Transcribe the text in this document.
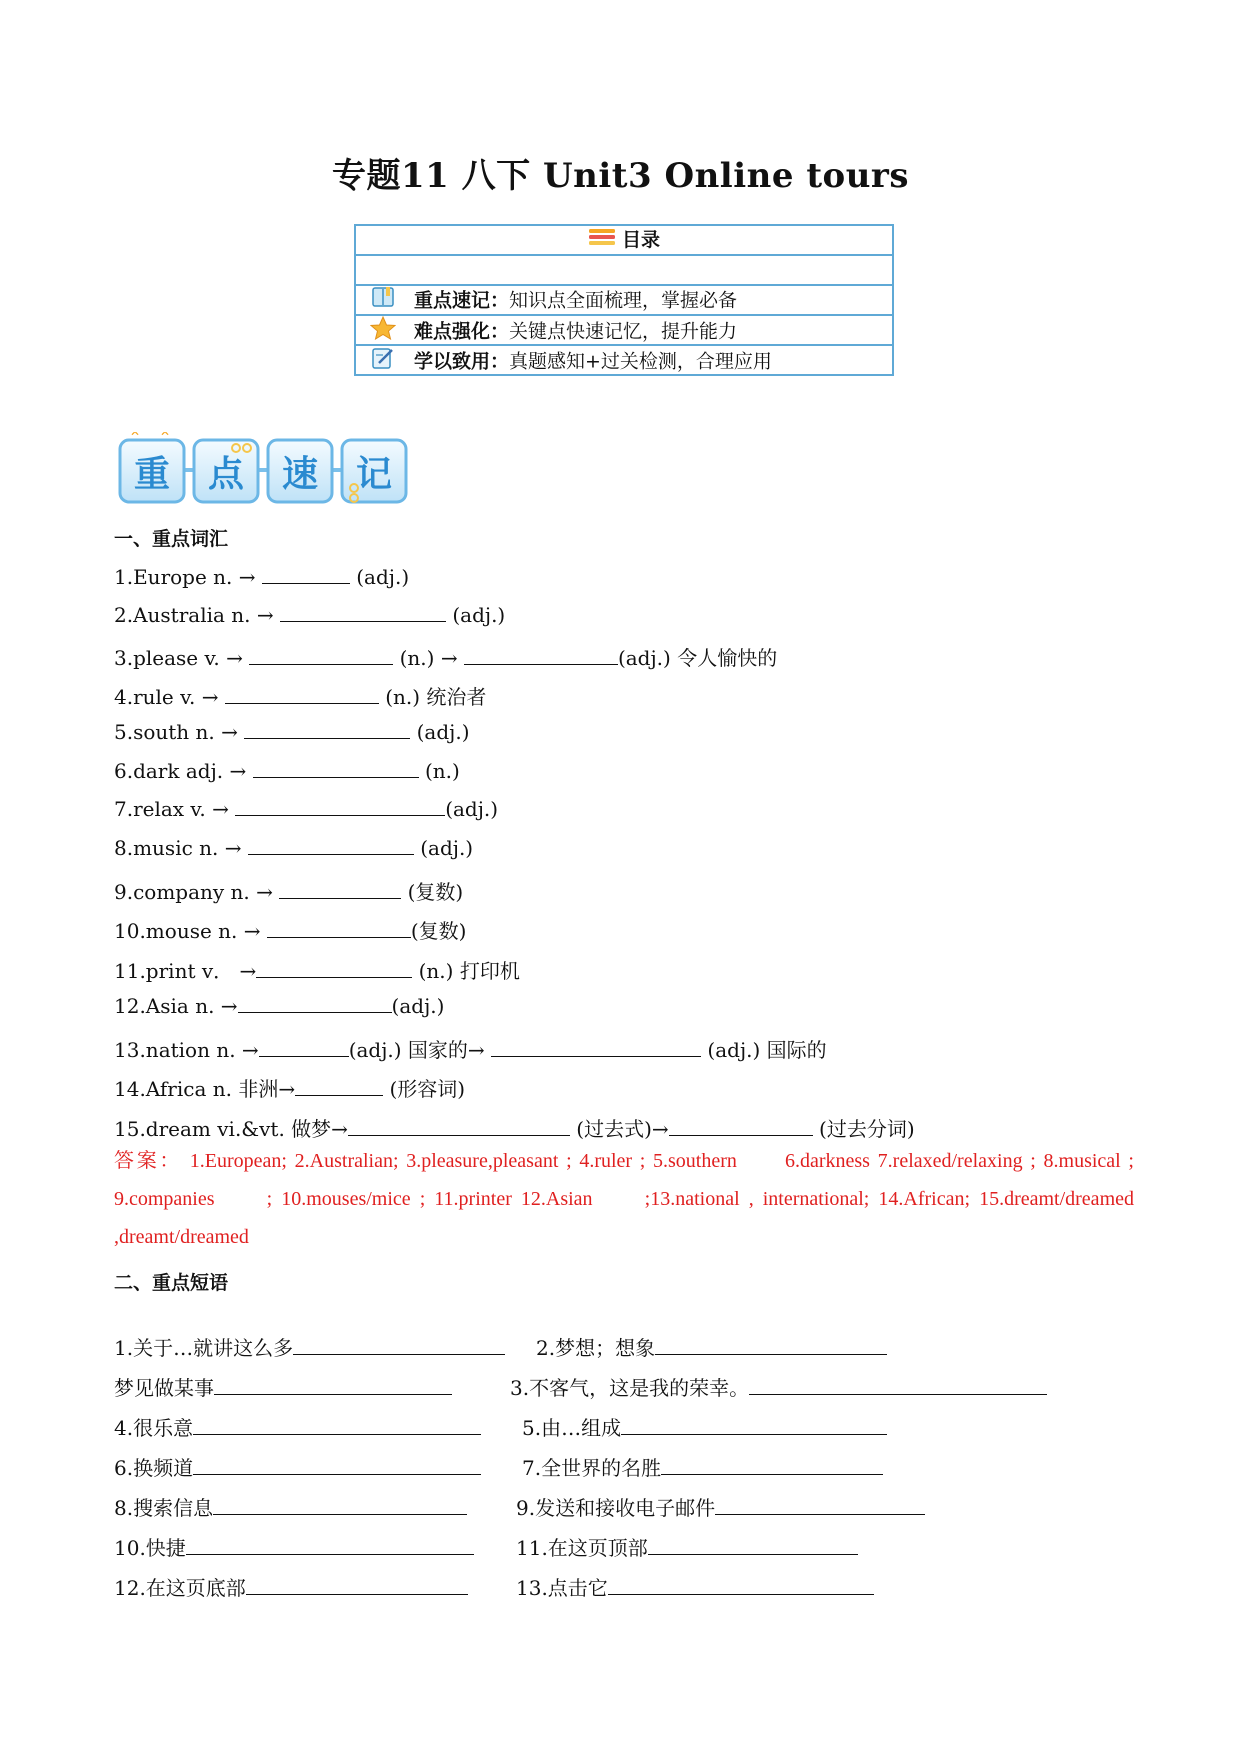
专题11 八下 Unit3 Online tours
目录
重点速记：知识点全面梳理，掌握必备
难点强化：关键点快速记忆，提升能力
学以致用：真题感知+过关检测，合理应用
✕ ✕
重 点 速 记
一、重点词汇
1.Europe n. →	(adj.)
2.Australia n. →	(adj.)
3.please v. →	(n.) →	(adj.) 令人愉快的
4.rule v. →	(n.) 统治者
5.south n. →	(adj.)
6.dark adj. →	(n.)
7.relax v. →	(adj.)
8.music n. →	(adj.)
9.company n. →	(复数)
10.mouse n. →	(复数)
11.print v． →	(n.) 打印机
12.Asia n. →	(adj.)
13.nation n. →	(adj.) 国家的→	(adj.) 国际的
14.Africa n. 非洲→	(形容词)
15.dream vi.&vt. 做梦→	(过去式)→	(过去分词)
答案： 1.European; 2.Australian; 3.pleasure,pleasant ; 4.ruler ; 5.southern　　6.darkness 7.relaxed/relaxing ; 8.musical ; 9.companies　　; 10.mouses/mice ; 11.printer 12.Asian　　;13.national , international; 14.African; 15.dreamt/dreamed ,dreamt/dreamed
二、重点短语
1.关于…就讲这么多	2.梦想；想象
梦见做某事	3.不客气，这是我的荣幸。
4.很乐意	5.由…组成
6.换频道	7.全世界的名胜
8.搜索信息	9.发送和接收电子邮件
10.快捷	11.在这页顶部
12.在这页底部	13.点击它
